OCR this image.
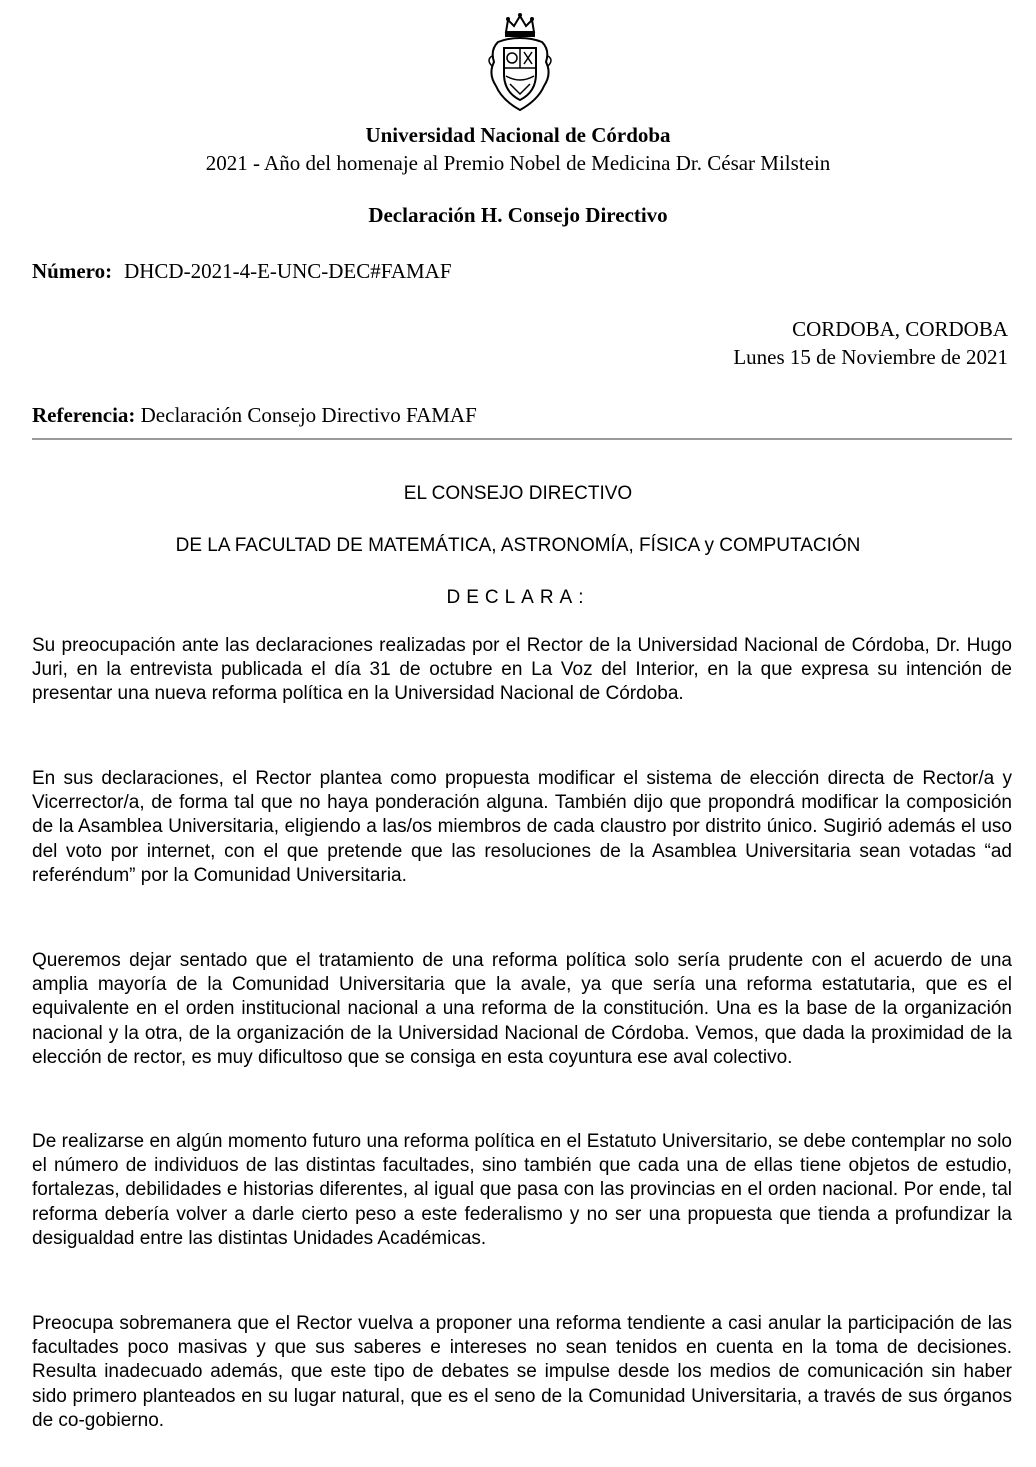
Universidad Nacional de Córdoba
2021 - Año del homenaje al Premio Nobel de Medicina Dr. César Milstein
Declaración H. Consejo Directivo
Número: DHCD-2021-4-E-UNC-DEC#FAMAF
CORDOBA, CORDOBA
Lunes 15 de Noviembre de 2021
Referencia: Declaración Consejo Directivo FAMAF
EL CONSEJO DIRECTIVO
DE LA FACULTAD DE MATEMÁTICA, ASTRONOMÍA, FÍSICA y COMPUTACIÓN
DECLARA:

Su preocupación ante las declaraciones realizadas por el Rector de la Universidad Nacional de Córdoba, Dr. Hugo Juri, en la entrevista publicada el día 31 de octubre en La Voz del Interior, en la que expresa su intención de presentar una nueva reforma política en la Universidad Nacional de Córdoba.

En sus declaraciones, el Rector plantea como propuesta modificar el sistema de elección directa de Rector/a y Vicerrector/a, de forma tal que no haya ponderación alguna. También dijo que propondrá modificar la composición de la Asamblea Universitaria, eligiendo a las/os miembros de cada claustro por distrito único. Sugirió además el uso del voto por internet, con el que pretende que las resoluciones de la Asamblea Universitaria sean votadas “ad referéndum” por la Comunidad Universitaria.

Queremos dejar sentado que el tratamiento de una reforma política solo sería prudente con el acuerdo de una amplia mayoría de la Comunidad Universitaria que la avale, ya que sería una reforma estatutaria, que es el equivalente en el orden institucional nacional a una reforma de la constitución. Una es la base de la organización nacional y la otra, de la organización de la Universidad Nacional de Córdoba. Vemos, que dada la proximidad de la elección de rector, es muy dificultoso que se consiga en esta coyuntura ese aval colectivo.

De realizarse en algún momento futuro una reforma política en el Estatuto Universitario, se debe contemplar no solo el número de individuos de las distintas facultades, sino también que cada una de ellas tiene objetos de estudio, fortalezas, debilidades e historias diferentes, al igual que pasa con las provincias en el orden nacional. Por ende, tal reforma debería volver a darle cierto peso a este federalismo y no ser una propuesta que tienda a profundizar la desigualdad entre las distintas Unidades Académicas.

Preocupa sobremanera que el Rector vuelva a proponer una reforma tendiente a casi anular la participación de las facultades poco masivas y que sus saberes e intereses no sean tenidos en cuenta en la toma de decisiones. Resulta inadecuado además, que este tipo de debates se impulse desde los medios de comunicación sin haber sido primero planteados en su lugar natural, que es el seno de la Comunidad Universitaria, a través de sus órganos de co-gobierno.
